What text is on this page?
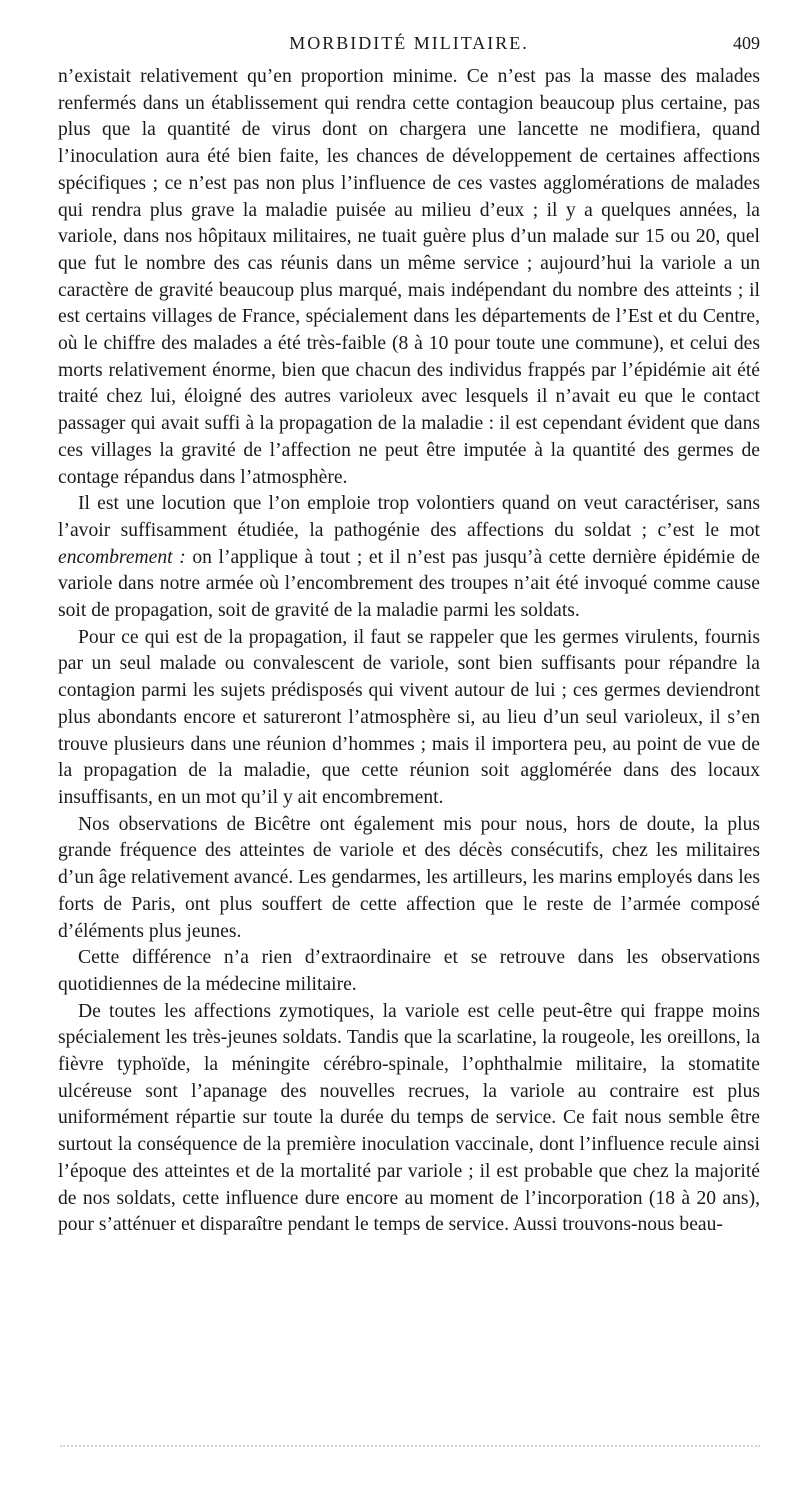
MORBIDITÉ MILITAIRE.	409

n’existait relativement qu’en proportion minime. Ce n’est pas la masse des malades renfermés dans un établissement qui rendra cette contagion beaucoup plus certaine, pas plus que la quantité de virus dont on chargera une lancette ne modifiera, quand l’inoculation aura été bien faite, les chances de développement de certaines affections spécifiques ; ce n’est pas non plus l’influence de ces vastes agglomérations de malades qui rendra plus grave la maladie puisée au milieu d’eux ; il y a quelques années, la variole, dans nos hôpitaux militaires, ne tuait guère plus d’un malade sur 15 ou 20, quel que fut le nombre des cas réunis dans un même service ; aujourd’hui la variole a un caractère de gravité beaucoup plus marqué, mais indépendant du nombre des atteints ; il est certains villages de France, spécialement dans les départements de l’Est et du Centre, où le chiffre des malades a été très-faible (8 à 10 pour toute une commune), et celui des morts relativement énorme, bien que chacun des individus frappés par l’épidémie ait été traité chez lui, éloigné des autres varioleux avec lesquels il n’avait eu que le contact passager qui avait suffi à la propagation de la maladie : il est cependant évident que dans ces villages la gravité de l’affection ne peut être imputée à la quantité des germes de contage répandus dans l’atmosphère.

Il est une locution que l’on emploie trop volontiers quand on veut caractériser, sans l’avoir suffisamment étudiée, la pathogénie des affections du soldat ; c’est le mot encombrement : on l’applique à tout ; et il n’est pas jusqu’à cette dernière épidémie de variole dans notre armée où l’encombrement des troupes n’ait été invoqué comme cause soit de propagation, soit de gravité de la maladie parmi les soldats.

Pour ce qui est de la propagation, il faut se rappeler que les germes virulents, fournis par un seul malade ou convalescent de variole, sont bien suffisants pour répandre la contagion parmi les sujets prédisposés qui vivent autour de lui ; ces germes deviendront plus abondants encore et satureront l’atmosphère si, au lieu d’un seul varioleux, il s’en trouve plusieurs dans une réunion d’hommes ; mais il importera peu, au point de vue de la propagation de la maladie, que cette réunion soit agglomérée dans des locaux insuffisants, en un mot qu’il y ait encombrement.

Nos observations de Bicêtre ont également mis pour nous, hors de doute, la plus grande fréquence des atteintes de variole et des décès consécutifs, chez les militaires d’un âge relativement avancé. Les gendarmes, les artilleurs, les marins employés dans les forts de Paris, ont plus souffert de cette affection que le reste de l’armée composé d’éléments plus jeunes.

Cette différence n’a rien d’extraordinaire et se retrouve dans les observations quotidiennes de la médecine militaire.

De toutes les affections zymotiques, la variole est celle peut-être qui frappe moins spécialement les très-jeunes soldats. Tandis que la scarlatine, la rougeole, les oreillons, la fièvre typhoïde, la méningite cérébro-spinale, l’ophthalmie militaire, la stomatite ulcéreuse sont l’apanage des nouvelles recrues, la variole au contraire est plus uniformément répartie sur toute la durée du temps de service. Ce fait nous semble être surtout la conséquence de la première inoculation vaccinale, dont l’influence recule ainsi l’époque des atteintes et de la mortalité par variole ; il est probable que chez la majorité de nos soldats, cette influence dure encore au moment de l’incorporation (18 à 20 ans), pour s’atténuer et disparaître pendant le temps de service. Aussi trouvons-nous beau-
